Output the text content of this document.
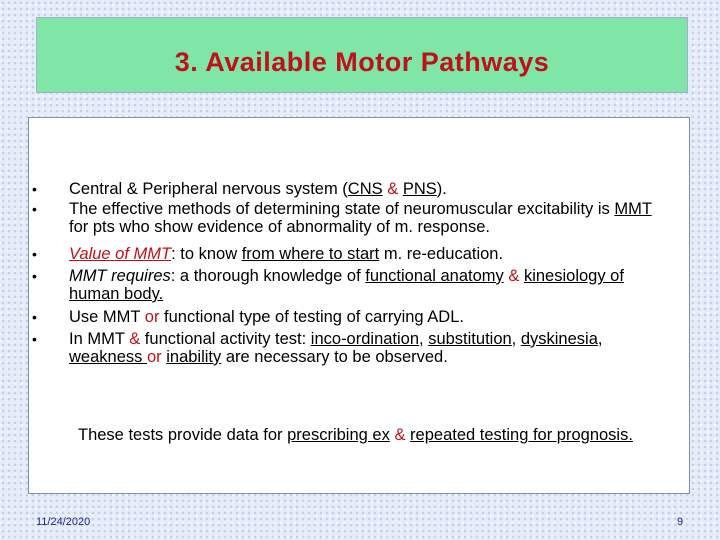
3. Available Motor Pathways
• Central & Peripheral nervous system (CNS & PNS).
• The effective methods of determining state of neuromuscular excitability is MMT for pts who show evidence of abnormality of m. response.
• Value of MMT: to know from where to start m. re-education.
• MMT requires: a thorough knowledge of functional anatomy & kinesiology of human body.
• Use MMT or functional type of testing of carrying ADL.
• In MMT & functional activity test: inco-ordination, substitution, dyskinesia, weakness or inability are necessary to be observed.
These tests provide data for prescribing ex & repeated testing for prognosis.
11/24/2020	9
